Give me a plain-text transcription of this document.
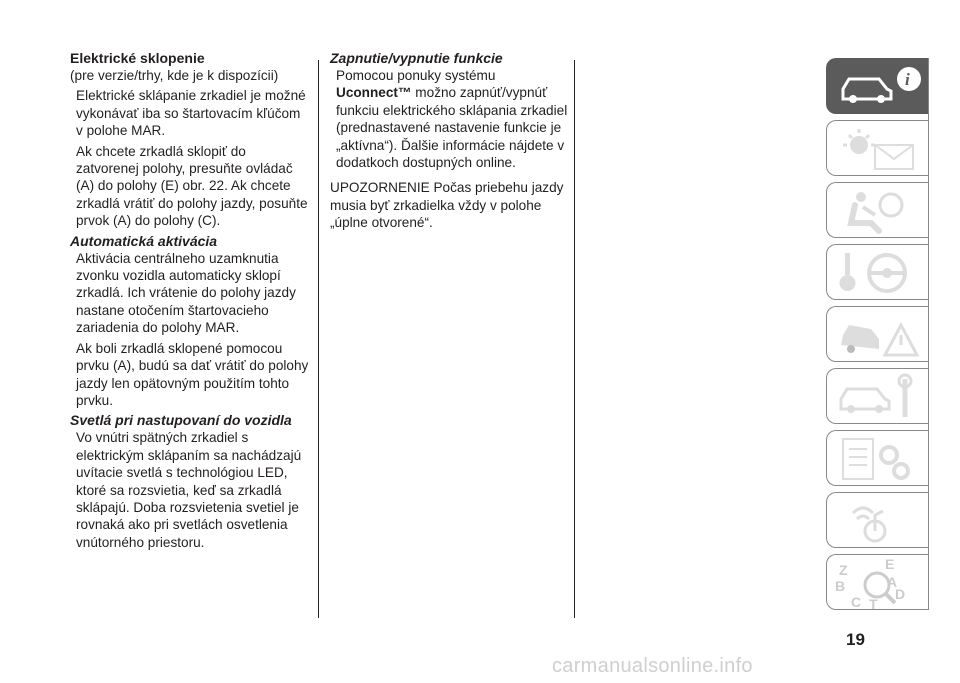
Elektrické sklopenie

(pre verzie/trhy, kde je k dispozícii)

Elektrické sklápanie zrkadiel je možné vykonávať iba so štartovacím kľúčom v polohe MAR.

Ak chcete zrkadlá sklopiť do zatvorenej polohy, presuňte ovládač (A) do polohy (E) obr. 22. Ak chcete zrkadlá vrátiť do polohy jazdy, posuňte prvok (A) do polohy (C).

Automatická aktivácia

Aktivácia centrálneho uzamknutia zvonku vozidla automaticky sklopí zrkadlá. Ich vrátenie do polohy jazdy nastane otočením štartovacieho zariadenia do polohy MAR.

Ak boli zrkadlá sklopené pomocou prvku (A), budú sa dať vrátiť do polohy jazdy len opätovným použitím tohto prvku.

Svetlá pri nastupovaní do vozidla

Vo vnútri spätných zrkadiel s elektrickým sklápaním sa nachádzajú uvítacie svetlá s technológiou LED, ktoré sa rozsvietia, keď sa zrkadlá sklápajú. Doba rozsvietenia svetiel je rovnaká ako pri svetlách osvetlenia vnútorného priestoru.

Zapnutie/vypnutie funkcie

Pomocou ponuky systému
Uconnect™ možno zapnúť/vypnúť funkciu elektrického sklápania zrkadiel (prednastavené nastavenie funkcie je „aktívna“). Ďalšie informácie nájdete v dodatkoch dostupných online.

UPOZORNENIE Počas priebehu jazdy musia byť zrkadielka vždy v polohe „úplne otvorené“.

i
Z	E
A
B	D
C T
19
carmanualsonline.info
